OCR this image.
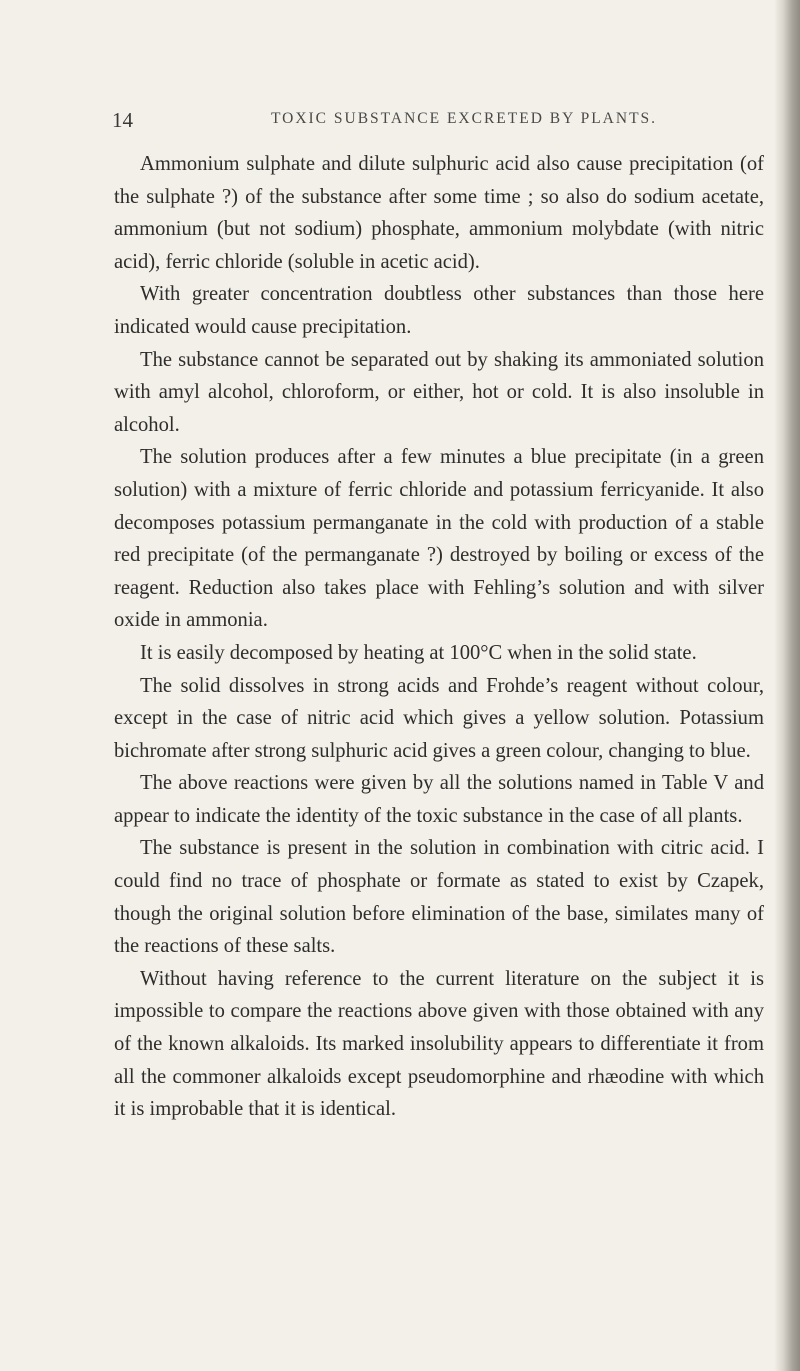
14	TOXIC SUBSTANCE EXCRETED BY PLANTS.

Ammonium sulphate and dilute sulphuric acid also cause precipitation (of the sulphate ?) of the substance after some time ; so also do sodium acetate, ammonium (but not sodium) phosphate, ammonium molybdate (with nitric acid), ferric chloride (soluble in acetic acid).

With greater concentration doubtless other substances than those here indicated would cause precipitation.

The substance cannot be separated out by shaking its ammoniated solution with amyl alcohol, chloroform, or either, hot or cold. It is also insoluble in alcohol.

The solution produces after a few minutes a blue precipitate (in a green solution) with a mixture of ferric chloride and potassium ferricyanide. It also decomposes potassium permanganate in the cold with production of a stable red precipitate (of the permanganate ?) destroyed by boiling or excess of the reagent. Reduction also takes place with Fehling’s solution and with silver oxide in ammonia.

It is easily decomposed by heating at 100°C when in the solid state.

The solid dissolves in strong acids and Frohde’s reagent without colour, except in the case of nitric acid which gives a yellow solution. Potassium bichromate after strong sulphuric acid gives a green colour, changing to blue.

The above reactions were given by all the solutions named in Table V and appear to indicate the identity of the toxic substance in the case of all plants.

The substance is present in the solution in combination with citric acid. I could find no trace of phosphate or formate as stated to exist by Czapek, though the original solution before elimination of the base, similates many of the reactions of these salts.

Without having reference to the current literature on the subject it is impossible to compare the reactions above given with those obtained with any of the known alkaloids. Its marked insolubility appears to differentiate it from all the commoner alkaloids except pseudomorphine and rhæodine with which it is improbable that it is identical.
